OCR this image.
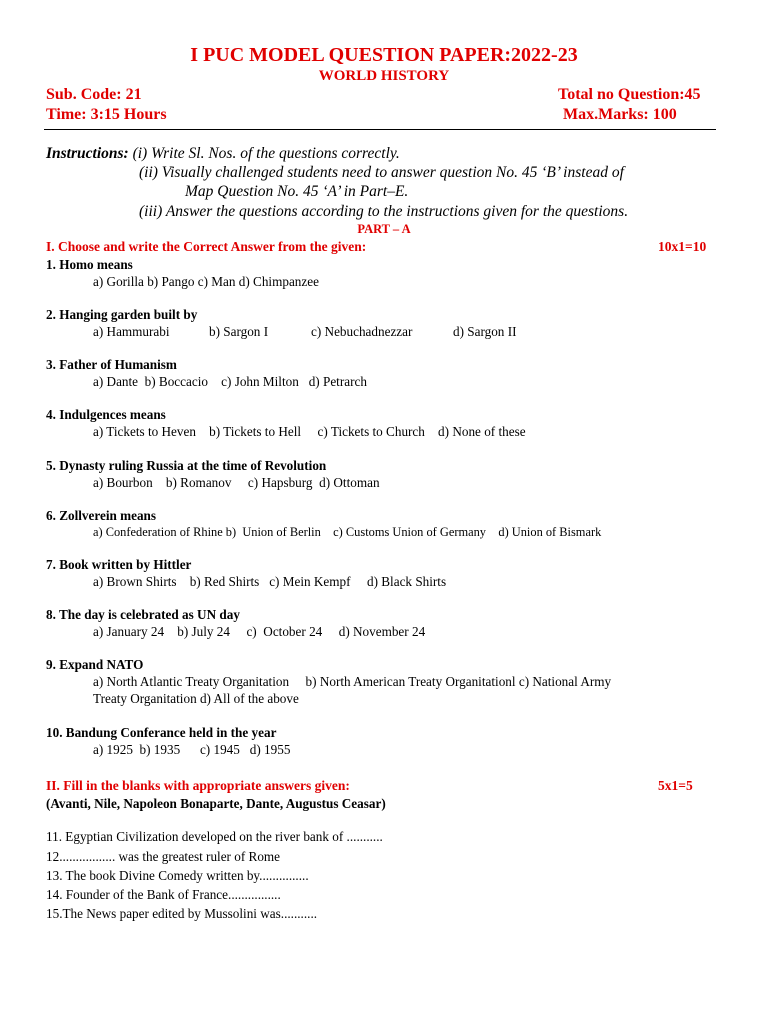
I PUC MODEL QUESTION PAPER:2022-23
WORLD HISTORY
Sub. Code: 21	Total no Question:45
Time: 3:15 Hours	Max.Marks: 100
Instructions: (i) Write Sl. Nos. of the questions correctly.
(ii) Visually challenged students need to answer question No. 45 ‘B’ instead of
Map Question No. 45 ‘A’ in Part–E.
(iii) Answer the questions according to the instructions given for the questions.
PART – A
I. Choose and write the Correct Answer from the given:	10x1=10
1. Homo means
a) Gorilla b) Pango c) Man d) Chimpanzee
2. Hanging garden built by
a) Hammurabi	b) Sargon I	c) Nebuchadnezzar	d) Sargon II
3. Father of Humanism
a) Dante  b) Boccacio    c) John Milton   d) Petrarch
4. Indulgences means
a) Tickets to Heven    b) Tickets to Hell     c) Tickets to Church    d) None of these
5. Dynasty ruling Russia at the time of Revolution
a) Bourbon    b) Romanov     c) Hapsburg  d) Ottoman
6. Zollverein means
a) Confederation of Rhine b)  Union of Berlin    c) Customs Union of Germany    d) Union of Bismark
7. Book written by Hittler
a) Brown Shirts    b) Red Shirts   c) Mein Kempf     d) Black Shirts
8. The day is celebrated as UN day
a) January 24    b) July 24     c)  October 24     d) November 24
9. Expand NATO
a) North Atlantic Treaty Organitation     b) North American Treaty Organitationl c) National Army
Treaty Organitation d) All of the above
10. Bandung Conferance held in the year
a) 1925  b) 1935      c) 1945   d) 1955
II. Fill in the blanks with appropriate answers given:	5x1=5
(Avanti, Nile, Napoleon Bonaparte, Dante, Augustus Ceasar)
11. Egyptian Civilization developed on the river bank of ...........
12................. was the greatest ruler of Rome
13. The book Divine Comedy written by...............
14. Founder of the Bank of France................
15.The News paper edited by Mussolini was...........
